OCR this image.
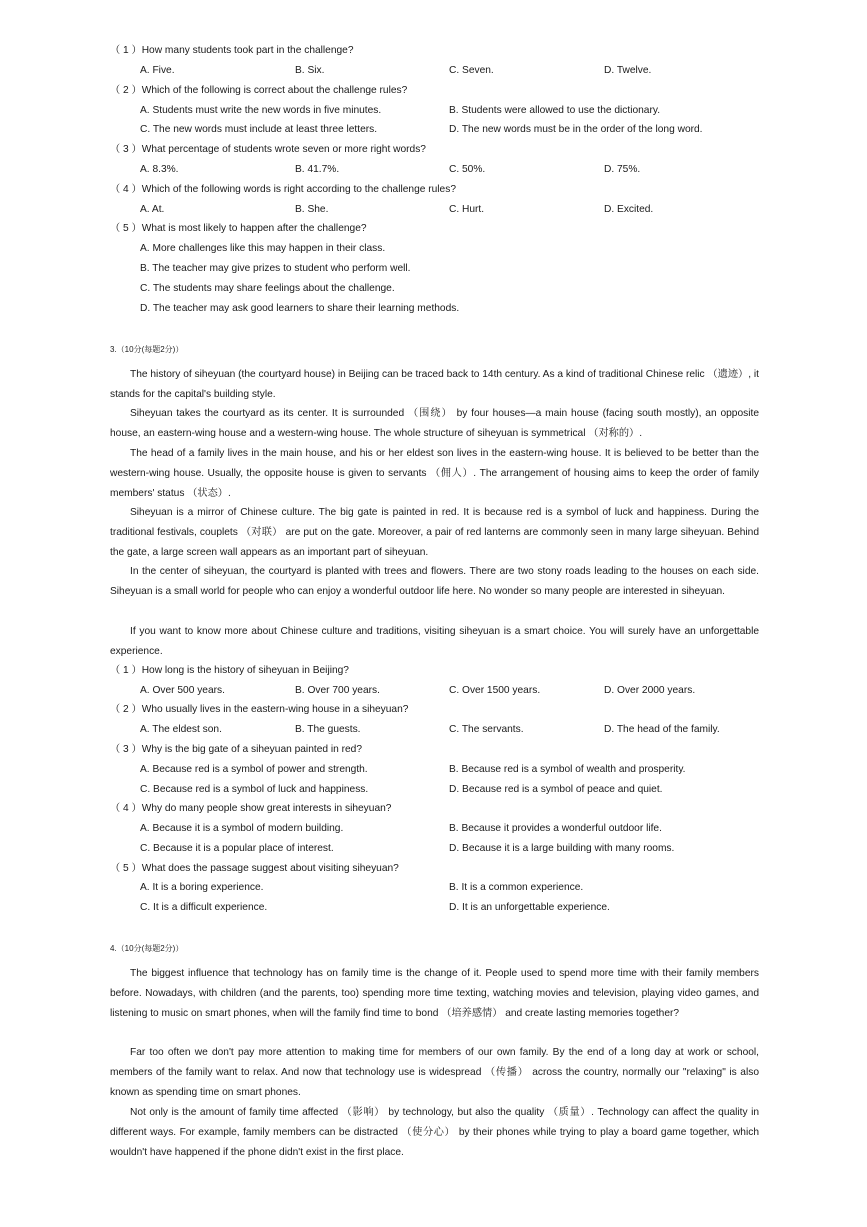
（ 1 ）How many students took part in the challenge?
A. Five.	B. Six.	C. Seven.	D. Twelve.
（ 2 ）Which of the following is correct about the challenge rules?
A. Students must write the new words in five minutes.	B. Students were allowed to use the dictionary.
C. The new words must include at least three letters.	D. The new words must be in the order of the long word.
（ 3 ）What percentage of students wrote seven or more right words?
A. 8.3%.	B. 41.7%.	C. 50%.	D. 75%.
（ 4 ）Which of the following words is right according to the challenge rules?
A. At.	B. She.	C. Hurt.	D. Excited.
（ 5 ）What is most likely to happen after the challenge?
A. More challenges like this may happen in their class.
B. The teacher may give prizes to student who perform well.
C. The students may share feelings about the challenge.
D. The teacher may ask good learners to share their learning methods.
3.（10分(每题2分)）
The history of siheyuan (the courtyard house) in Beijing can be traced back to 14th century. As a kind of traditional Chinese relic （遗迹）, it stands for the capital's building style.
Siheyuan takes the courtyard as its center. It is surrounded （围绕） by four houses—a main house (facing south mostly), an opposite house, an eastern-wing house and a western-wing house. The whole structure of siheyuan is symmetrical （对称的）.
The head of a family lives in the main house, and his or her eldest son lives in the eastern-wing house. It is believed to be better than the western-wing house. Usually, the opposite house is given to servants （佣人）. The arrangement of housing aims to keep the order of family members' status （状态）.
Siheyuan is a mirror of Chinese culture. The big gate is painted in red. It is because red is a symbol of luck and happiness. During the traditional festivals, couplets （对联） are put on the gate. Moreover, a pair of red lanterns are commonly seen in many large siheyuan. Behind the gate, a large screen wall appears as an important part of siheyuan.
In the center of siheyuan, the courtyard is planted with trees and flowers. There are two stony roads leading to the houses on each side. Siheyuan is a small world for people who can enjoy a wonderful outdoor life here. No wonder so many people are interested in siheyuan.
If you want to know more about Chinese culture and traditions, visiting siheyuan is a smart choice. You will surely have an unforgettable experience.
（ 1 ）How long is the history of siheyuan in Beijing?
A. Over 500 years.	B. Over 700 years.	C. Over 1500 years.	D. Over 2000 years.
（ 2 ）Who usually lives in the eastern-wing house in a siheyuan?
A. The eldest son.	B. The guests.	C. The servants.	D. The head of the family.
（ 3 ）Why is the big gate of a siheyuan painted in red?
A. Because red is a symbol of power and strength.	B. Because red is a symbol of wealth and prosperity.
C. Because red is a symbol of luck and happiness.	D. Because red is a symbol of peace and quiet.
（ 4 ）Why do many people show great interests in siheyuan?
A. Because it is a symbol of modern building.	B. Because it provides a wonderful outdoor life.
C. Because it is a popular place of interest.	D. Because it is a large building with many rooms.
（ 5 ）What does the passage suggest about visiting siheyuan?
A. It is a boring experience.	B. It is a common experience.
C. It is a difficult experience.	D. It is an unforgettable experience.
4.（10分(每题2分)）
The biggest influence that technology has on family time is the change of it. People used to spend more time with their family members before. Nowadays, with children (and the parents, too) spending more time texting, watching movies and television, playing video games, and listening to music on smart phones, when will the family find time to bond （培养感情） and create lasting memories together?
Far too often we don't pay more attention to making time for members of our own family. By the end of a long day at work or school, members of the family want to relax. And now that technology use is widespread （传播） across the country, normally our "relaxing" is also known as spending time on smart phones.
Not only is the amount of family time affected （影响） by technology, but also the quality （质量）. Technology can affect the quality in different ways. For example, family members can be distracted （使分心） by their phones while trying to play a board game together, which wouldn't have happened if the phone didn't exist in the first place.
